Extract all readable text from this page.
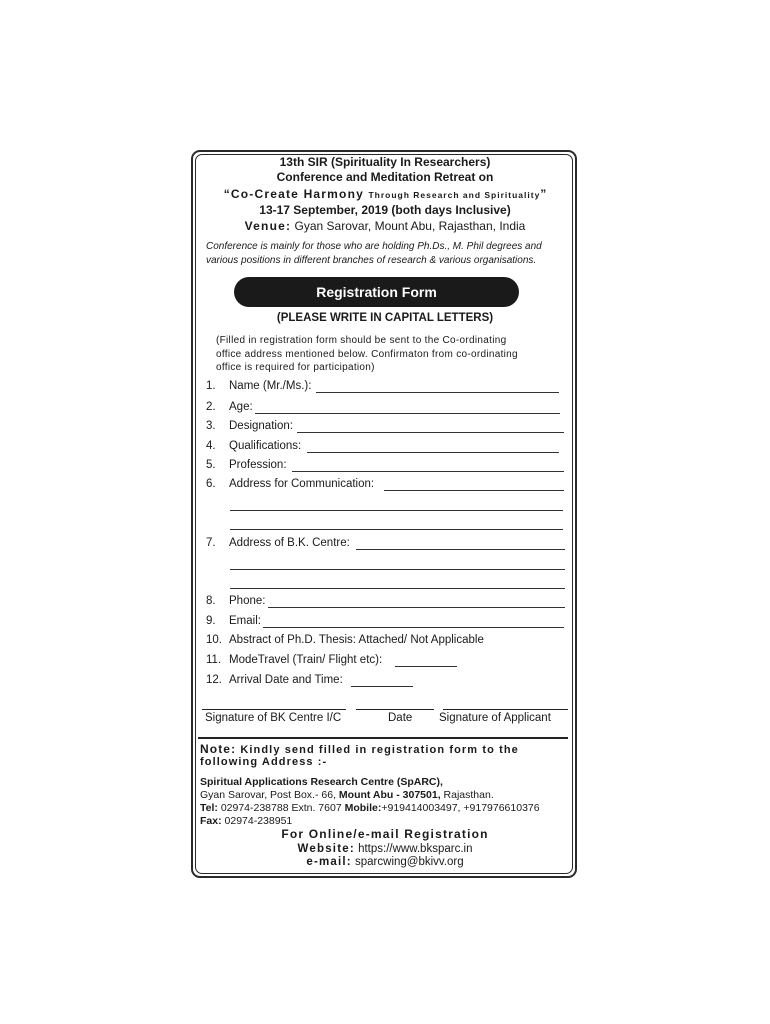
13th SIR (Spirituality In Researchers)
Conference and Meditation Retreat on
“Co-Create Harmony Through Research and Spirituality”
13-17 September, 2019 (both days Inclusive)
Venue: Gyan Sarovar, Mount Abu, Rajasthan, India
Conference is mainly for those who are holding Ph.Ds., M. Phil degrees and
various positions in different branches of research & various organisations.
Registration Form
(PLEASE WRITE IN CAPITAL LETTERS)
(Filled in registration form should be sent to the Co-ordinating
office address mentioned below. Confirmaton from co-ordinating
office is required for participation)
1. Name (Mr./Ms.):
2. Age:
3. Designation:
4. Qualifications:
5. Profession:
6. Address for Communication:
7. Address of B.K. Centre:
8. Phone:
9. Email:
10. Abstract of Ph.D. Thesis: Attached/ Not Applicable
11. ModeTravel (Train/ Flight etc):
12. Arrival Date and Time:
Signature of BK Centre I/C	Date Signature of Applicant
Note: Kindly send filled in registration form to the
following Address :-
Spiritual Applications Research Centre (SpARC),
Gyan Sarovar, Post Box.- 66, Mount Abu - 307501, Rajasthan.
Tel: 02974-238788 Extn. 7607 Mobile:+919414003497, +917976610376
Fax: 02974-238951
For Online/e-mail Registration
Website: https://www.bksparc.in
e-mail: sparcwing@bkivv.org
